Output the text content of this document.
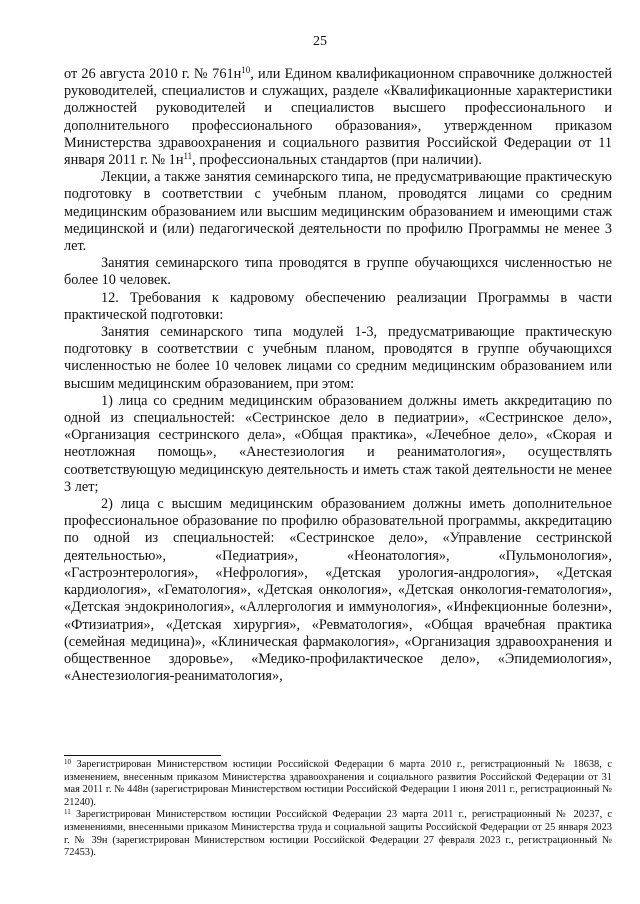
25

от 26 августа 2010 г. № $761н^{10}$, или Едином квалификационном справочнике должностей руководителей, специалистов и служащих, разделе «Квалификационные характеристики должностей руководителей и специалистов высшего профессионального и дополнительного профессионального образования», утвержденном приказом Министерства здравоохранения и социального развития Российской Федерации от 11 января 2011 г. № $1н^{11}$, профессиональных стандартов (при наличии).

Лекции, а также занятия семинарского типа, не предусматривающие практическую подготовку в соответствии с учебным планом, проводятся лицами со средним медицинским образованием или высшим медицинским образованием и имеющими стаж медицинской и (или) педагогической деятельности по профилю Программы не менее 3 лет.

Занятия семинарского типа проводятся в группе обучающихся численностью не более 10 человек.

12. Требования к кадровому обеспечению реализации Программы в части практической подготовки:

Занятия семинарского типа модулей 1-3, предусматривающие практическую подготовку в соответствии с учебным планом, проводятся в группе обучающихся численностью не более 10 человек лицами со средним медицинским образованием или высшим медицинским образованием, при этом:

1) лица со средним медицинским образованием должны иметь аккредитацию по одной из специальностей: «Сестринское дело в педиатрии», «Сестринское дело», «Организация сестринского дела», «Общая практика», «Лечебное дело», «Скорая и неотложная помощь», «Анестезиология и реаниматология», осуществлять соответствующую медицинскую деятельность и иметь стаж такой деятельности не менее 3 лет;

2) лица с высшим медицинским образованием должны иметь дополнительное профессиональное образование по профилю образовательной программы, аккредитацию по одной из специальностей: «Сестринское дело», «Управление сестринской деятельностью», «Педиатрия», «Неонатология», «Пульмонология», «Гастроэнтерология», «Нефрология», «Детская урология-андрология», «Детская кардиология», «Гематология», «Детская онкология», «Детская онкология-гематология», «Детская эндокринология», «Аллергология и иммунология», «Инфекционные болезни», «Фтизиатрия», «Детская хирургия», «Ревматология», «Общая врачебная практика (семейная медицина)», «Клиническая фармакология», «Организация здравоохранения и общественное здоровье», «Медико-профилактическое дело», «Эпидемиология», «Анестезиология-реаниматология»,

$^{10}$ Зарегистрирован Министерством юстиции Российской Федерации 6 марта 2010 г., регистрационный № 18638, с изменением, внесенным приказом Министерства здравоохранения и социального развития Российской Федерации от 31 мая 2011 г. № 448н (зарегистрирован Министерством юстиции Российской Федерации 1 июня 2011 г., регистрационный № 21240).

$^{11}$ Зарегистрирован Министерством юстиции Российской Федерации 23 марта 2011 г., регистрационный № 20237, с изменениями, внесенными приказом Министерства труда и социальной защиты Российской Федерации от 25 января 2023 г. № 39н (зарегистрирован Министерством юстиции Российской Федерации 27 февраля 2023 г., регистрационный № 72453).
